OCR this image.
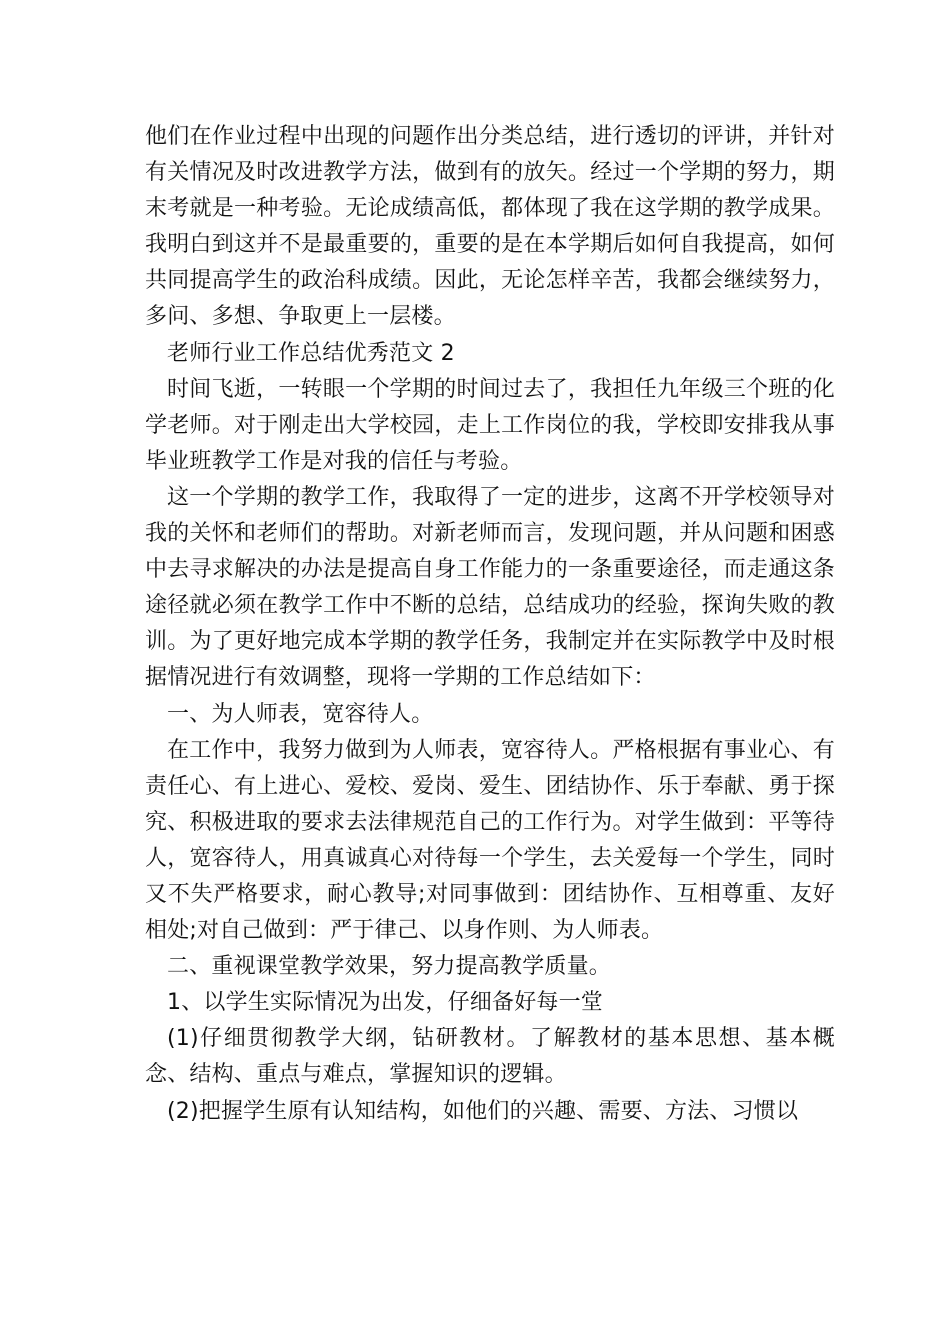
他们在作业过程中出现的问题作出分类总结，进行透切的评讲，并针对有关情况及时改进教学方法，做到有的放矢。经过一个学期的努力，期末考就是一种考验。无论成绩高低，都体现了我在这学期的教学成果。我明白到这并不是最重要的，重要的是在本学期后如何自我提高，如何共同提高学生的政治科成绩。因此，无论怎样辛苦，我都会继续努力，多问、多想、争取更上一层楼。

老师行业工作总结优秀范文 2

时间飞逝，一转眼一个学期的时间过去了，我担任九年级三个班的化学老师。对于刚走出大学校园，走上工作岗位的我，学校即安排我从事毕业班教学工作是对我的信任与考验。

这一个学期的教学工作，我取得了一定的进步，这离不开学校领导对我的关怀和老师们的帮助。对新老师而言，发现问题，并从问题和困惑中去寻求解决的办法是提高自身工作能力的一条重要途径，而走通这条途径就必须在教学工作中不断的总结，总结成功的经验，探询失败的教训。为了更好地完成本学期的教学任务，我制定并在实际教学中及时根据情况进行有效调整，现将一学期的工作总结如下：

一、为人师表，宽容待人。

在工作中，我努力做到为人师表，宽容待人。严格根据有事业心、有责任心、有上进心、爱校、爱岗、爱生、团结协作、乐于奉献、勇于探究、积极进取的要求去法律规范自己的工作行为。对学生做到：平等待人，宽容待人，用真诚真心对待每一个学生，去关爱每一个学生，同时又不失严格要求，耐心教导;对同事做到：团结协作、互相尊重、友好相处;对自己做到：严于律己、以身作则、为人师表。

二、重视课堂教学效果，努力提高教学质量。

1、以学生实际情况为出发，仔细备好每一堂

(1)仔细贯彻教学大纲，钻研教材。了解教材的基本思想、基本概念、结构、重点与难点，掌握知识的逻辑。

(2)把握学生原有认知结构，如他们的兴趣、需要、方法、习惯以
